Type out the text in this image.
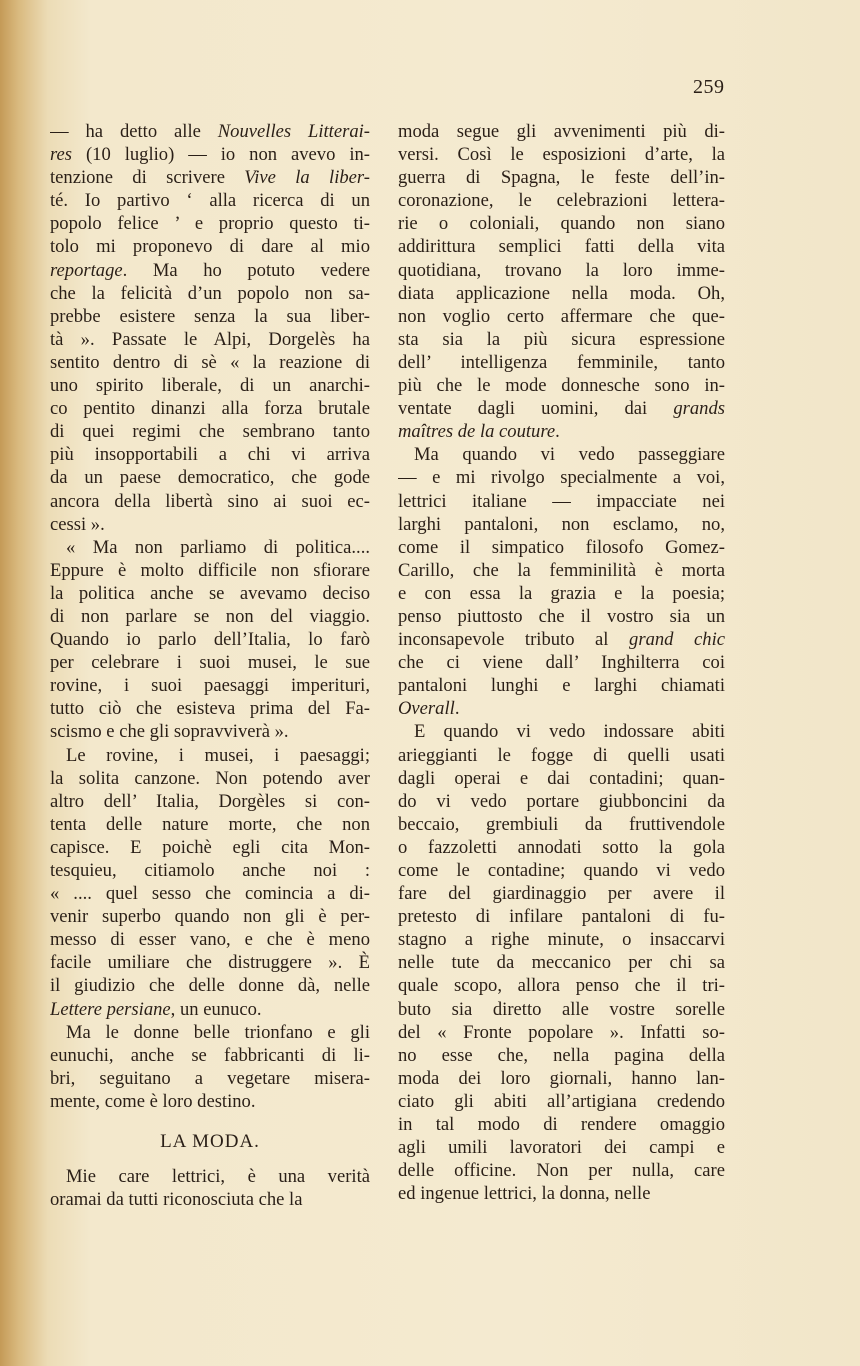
259
— ha detto alle Nouvelles Litterai-
res (10 luglio) — io non avevo in-
tenzione di scrivere Vive la liber-
té. Io partivo ‘ alla ricerca di un
popolo felice ’ e proprio questo ti-
tolo mi proponevo di dare al mio
reportage. Ma ho potuto vedere
che la felicità d’un popolo non sa-
prebbe esistere senza la sua liber-
tà ». Passate le Alpi, Dorgelès ha
sentito dentro di sè « la reazione di
uno spirito liberale, di un anarchi-
co pentito dinanzi alla forza brutale
di quei regimi che sembrano tanto
più insopportabili a chi vi arriva
da un paese democratico, che gode
ancora della libertà sino ai suoi ec-
cessi ».
« Ma non parliamo di politica....
Eppure è molto difficile non sfiorare
la politica anche se avevamo deciso
di non parlare se non del viaggio.
Quando io parlo dell’Italia, lo farò
per celebrare i suoi musei, le sue
rovine, i suoi paesaggi imperituri,
tutto ciò che esisteva prima del Fa-
scismo e che gli sopravviverà ».
Le rovine, i musei, i paesaggi;
la solita canzone. Non potendo aver
altro dell’ Italia, Dorgèles si con-
tenta delle nature morte, che non
capisce. E poichè egli cita Mon-
tesquieu, citiamolo anche noi :
« .... quel sesso che comincia a di-
venir superbo quando non gli è per-
messo di esser vano, e che è meno
facile umiliare che distruggere ». È
il giudizio che delle donne dà, nelle
Lettere persiane, un eunuco.
Ma le donne belle trionfano e gli
eunuchi, anche se fabbricanti di li-
bri, seguitano a vegetare misera-
mente, come è loro destino.
LA MODA.
Mie care lettrici, è una verità
oramai da tutti riconosciuta che la
moda segue gli avvenimenti più di-
versi. Così le esposizioni d’arte, la
guerra di Spagna, le feste dell’in-
coronazione, le celebrazioni lettera-
rie o coloniali, quando non siano
addirittura semplici fatti della vita
quotidiana, trovano la loro imme-
diata applicazione nella moda. Oh,
non voglio certo affermare che que-
sta sia la più sicura espressione
dell’ intelligenza femminile, tanto
più che le mode donnesche sono in-
ventate dagli uomini, dai grands
maîtres de la couture.
Ma quando vi vedo passeggiare
— e mi rivolgo specialmente a voi,
lettrici italiane — impacciate nei
larghi pantaloni, non esclamo, no,
come il simpatico filosofo Gomez-
Carillo, che la femminilità è morta
e con essa la grazia e la poesia;
penso piuttosto che il vostro sia un
inconsapevole tributo al grand chic
che ci viene dall’ Inghilterra coi
pantaloni lunghi e larghi chiamati
Overall.
E quando vi vedo indossare abiti
arieggianti le fogge di quelli usati
dagli operai e dai contadini; quan-
do vi vedo portare giubboncini da
beccaio, grembiuli da fruttivendole
o fazzoletti annodati sotto la gola
come le contadine; quando vi vedo
fare del giardinaggio per avere il
pretesto di infilare pantaloni di fu-
stagno a righe minute, o insaccarvi
nelle tute da meccanico per chi sa
quale scopo, allora penso che il tri-
buto sia diretto alle vostre sorelle
del « Fronte popolare ». Infatti so-
no esse che, nella pagina della
moda dei loro giornali, hanno lan-
ciato gli abiti all’artigiana credendo
in tal modo di rendere omaggio
agli umili lavoratori dei campi e
delle officine. Non per nulla, care
ed ingenue lettrici, la donna, nelle
